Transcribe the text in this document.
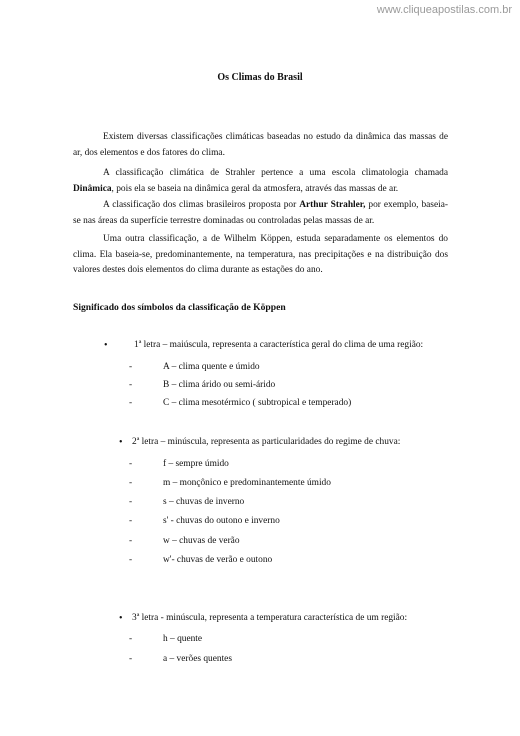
www.cliqueapostilas.com.br
Os Climas do Brasil

Existem diversas classificações climáticas baseadas no estudo da dinâmica das massas de ar, dos elementos e dos fatores do clima.

A classificação climática de Strahler pertence a uma escola climatologia chamada Dinâmica, pois ela se baseia na dinâmica geral da atmosfera, através das massas de ar.

A classificação dos climas brasileiros proposta por Arthur Strahler, por exemplo, baseia-se nas áreas da superfície terrestre dominadas ou controladas pelas massas de ar.

Uma outra classificação, a de Wilhelm Köppen, estuda separadamente os elementos do clima. Ela baseia-se, predominantemente, na temperatura, nas precipitações e na distribuição dos valores destes dois elementos do clima durante as estações do ano.

Significado dos símbolos da classificação de Köppen
•	1ª letra – maiúscula, representa a característica geral do clima de uma região:
-	A – clima quente e úmido
-	B – clima árido ou semi-árido
-	C – clima mesotérmico ( subtropical e temperado)
• 2ª letra – minúscula, representa as particularidades do regime de chuva:
-	f – sempre úmido
-	m – monçônico e predominantemente úmido
-	s – chuvas de inverno
-	s' - chuvas do outono e inverno
-	w – chuvas de verão
-	w'- chuvas de verão e outono
• 3ª letra - minúscula, representa a temperatura característica de um região:
-	h – quente
-	a – verões quentes
